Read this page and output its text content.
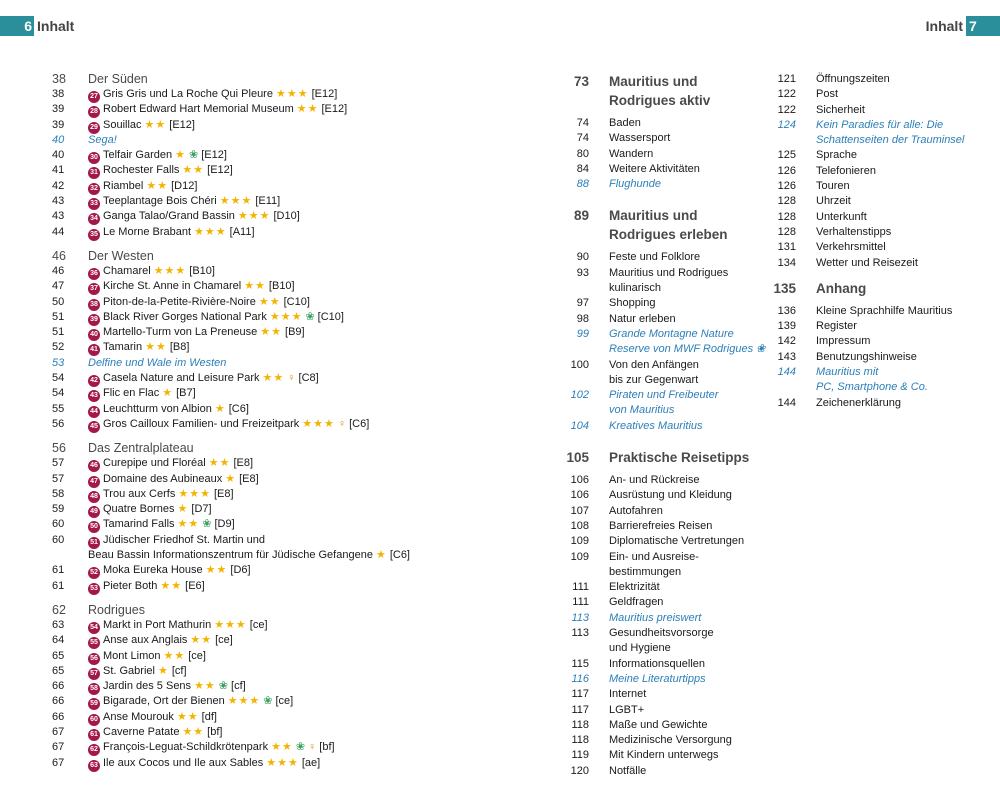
6 Inhalt	Inhalt 7
38	Der Süden
38	27 Gris Gris und La Roche Qui Pleure ★★★ [E12]
39	28 Robert Edward Hart Memorial Museum ★★ [E12]
39	29 Souillac ★★ [E12]
40	Sega!
40	30 Telfair Garden ★ ❀ [E12]
41	31 Rochester Falls ★★ [E12]
42	32 Riambel ★★ [D12]
43	33 Teeplantage Bois Chéri ★★★ [E11]
43	34 Ganga Talao/Grand Bassin ★★★ [D10]
44	35 Le Morne Brabant ★★★ [A11]
46	Der Westen
46	36 Chamarel ★★★ [B10]
47	37 Kirche St. Anne in Chamarel ★★ [B10]
50	38 Piton-de-la-Petite-Rivière-Noire ★★ [C10]
51	39 Black River Gorges National Park ★★★ ❀ [C10]
51	40 Martello-Turm von La Preneuse ★★ [B9]
52	41 Tamarin ★★ [B8]
53	Delfine und Wale im Westen
54	42 Casela Nature and Leisure Park ★★ ♀ [C8]
54	43 Flic en Flac ★ [B7]
55	44 Leuchtturm von Albion ★ [C6]
56	45 Gros Cailloux Familien- und Freizeitpark ★★★ ♀ [C6]
56	Das Zentralplateau
57	46 Curepipe und Floréal ★★ [E8]
57	47 Domaine des Aubineaux ★ [E8]
58	48 Trou aux Cerfs ★★★ [E8]
59	49 Quatre Bornes ★ [D7]
60	50 Tamarind Falls ★★ ❀ [D9]
60	51 Jüdischer Friedhof St. Martin und
Beau Bassin Informationszentrum für Jüdische Gefangene ★ [C6]
61	52 Moka Eureka House ★★ [D6]
61	53 Pieter Both ★★ [E6]
62	Rodrigues
63	54 Markt in Port Mathurin ★★★ [ce]
64	55 Anse aux Anglais ★★ [ce]
65	56 Mont Limon ★★ [ce]
65	57 St. Gabriel ★ [cf]
66	58 Jardin des 5 Sens ★★ ❀ [cf]
66	59 Bigarade, Ort der Bienen ★★★ ❀ [ce]
66	60 Anse Mourouk ★★ [df]
67	61 Caverne Patate ★★ [bf]
67	62 François-Leguat-Schildkrötenpark ★★ ❀ ♀ [bf]
67	63 Ile aux Cocos und Ile aux Sables ★★★ [ae]
73	Mauritius und
Rodrigues aktiv
74	Baden
74	Wassersport
80	Wandern
84	Weitere Aktivitäten
88	Flughunde
89	Mauritius und
Rodrigues erleben
90	Feste und Folklore
93	Mauritius und Rodrigues
kulinarisch
97	Shopping
98	Natur erleben
99	Grande Montagne Nature
Reserve von MWF Rodrigues ❀
100	Von den Anfängen
bis zur Gegenwart
102	Piraten und Freibeuter
von Mauritius
104	Kreatives Mauritius
105	Praktische Reisetipps
106	An- und Rückreise
106	Ausrüstung und Kleidung
107	Autofahren
108	Barrierefreies Reisen
109	Diplomatische Vertretungen
109	Ein- und Ausreise-
bestimmungen
111	Elektrizität
111	Geldfragen
113	Mauritius preiswert
113	Gesundheitsvorsorge
und Hygiene
115	Informationsquellen
116	Meine Literaturtipps
117	Internet
117	LGBT+
118	Maße und Gewichte
118	Medizinische Versorgung
119	Mit Kindern unterwegs
120	Notfälle
121	Öffnungszeiten
122	Post
122	Sicherheit
124	Kein Paradies für alle: Die
Schattenseiten der Trauminsel
125	Sprache
126	Telefonieren
126	Touren
128	Uhrzeit
128	Unterkunft
128	Verhaltenstipps
131	Verkehrsmittel
134	Wetter und Reisezeit
135	Anhang
136	Kleine Sprachhilfe Mauritius
139	Register
142	Impressum
143	Benutzungshinweise
144	Mauritius mit
PC, Smartphone & Co.
144	Zeichenerklärung
